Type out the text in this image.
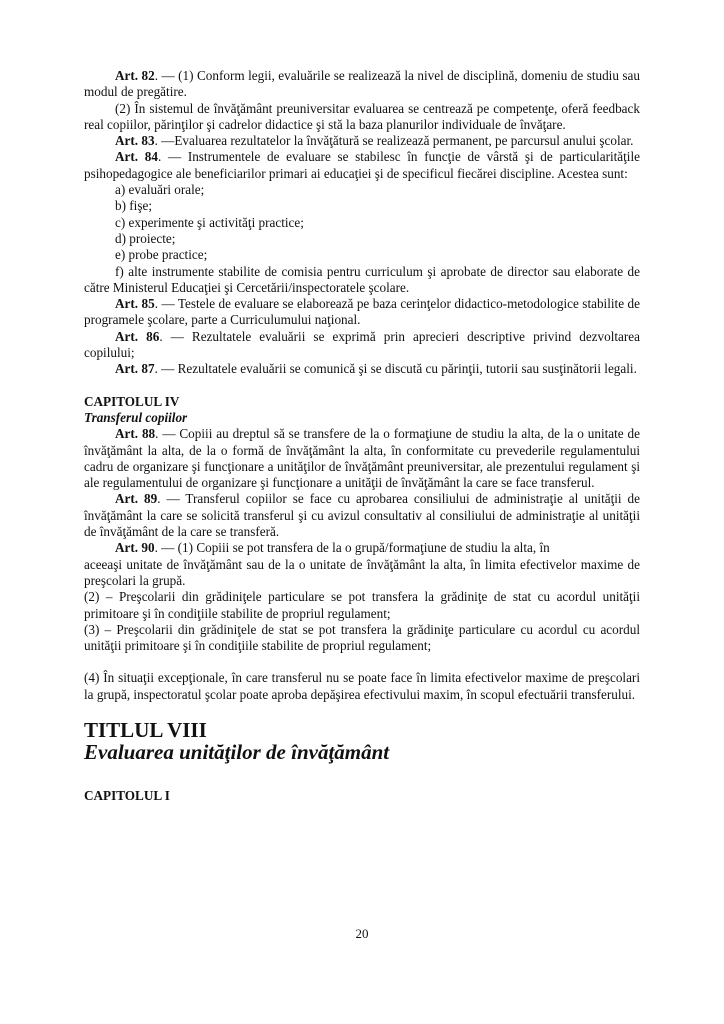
Art. 82. — (1) Conform legii, evaluările se realizează la nivel de disciplină, domeniu de studiu sau modul de pregătire.

(2) În sistemul de învăţământ preuniversitar evaluarea se centrează pe competenţe, oferă feedback real copiilor, părinţilor şi cadrelor didactice şi stă la baza planurilor individuale de învăţare.

Art. 83. —Evaluarea rezultatelor la învăţătură se realizează permanent, pe parcursul anului şcolar.

Art. 84. — Instrumentele de evaluare se stabilesc în funcţie de vârstă şi de particularităţile psihopedagogice ale beneficiarilor primari ai educaţiei şi de specificul fiecărei discipline. Acestea sunt:

a) evaluări orale;

b) fişe;

c) experimente şi activităţi practice;

d) proiecte;

e) probe practice;

f) alte instrumente stabilite de comisia pentru curriculum şi aprobate de director sau elaborate de către Ministerul Educaţiei şi Cercetării/inspectoratele şcolare.

Art. 85. — Testele de evaluare se elaborează pe baza cerinţelor didactico-metodologice stabilite de programele şcolare, parte a Curriculumului naţional.

Art. 86. — Rezultatele evaluării se exprimă prin aprecieri descriptive privind dezvoltarea copilului;

Art. 87. — Rezultatele evaluării se comunică şi se discută cu părinţii, tutorii sau susţinătorii legali.

CAPITOLUL IV

Transferul copiilor

Art. 88. — Copiii au dreptul să se transfere de la o formaţiune de studiu la alta, de la o unitate de învăţământ la alta, de la o formă de învăţământ la alta, în conformitate cu prevederile regulamentului cadru de organizare şi funcţionare a unităţilor de învăţământ preuniversitar, ale prezentului regulament şi ale regulamentului de organizare şi funcţionare a unităţii de învăţământ la care se face transferul.

Art. 89. — Transferul copiilor se face cu aprobarea consiliului de administraţie al unităţii de învăţământ la care se solicită transferul şi cu avizul consultativ al consiliului de administraţie al unităţii de învăţământ de la care se transferă.

Art. 90. — (1) Copiii se pot transfera de la o grupă/formaţiune de studiu la alta, în

aceeaşi unitate de învăţământ sau de la o unitate de învăţământ la alta, în limita efectivelor maxime de preşcolari la grupă.

(2) – Preşcolarii din grădiniţele particulare se pot transfera la grădiniţe de stat cu acordul unităţii primitoare şi în condiţiile stabilite de propriul regulament;

(3) – Preşcolarii din grădiniţele de stat se pot transfera la grădiniţe particulare cu acordul cu acordul unităţii primitoare şi în condiţiile stabilite de propriul regulament;

(4) În situaţii excepţionale, în care transferul nu se poate face în limita efectivelor maxime de preşcolari la grupă, inspectoratul şcolar poate aproba depăşirea efectivului maxim, în scopul efectuării transferului.

TITLUL VIII

Evaluarea unităţilor de învăţământ

CAPITOLUL I

20
